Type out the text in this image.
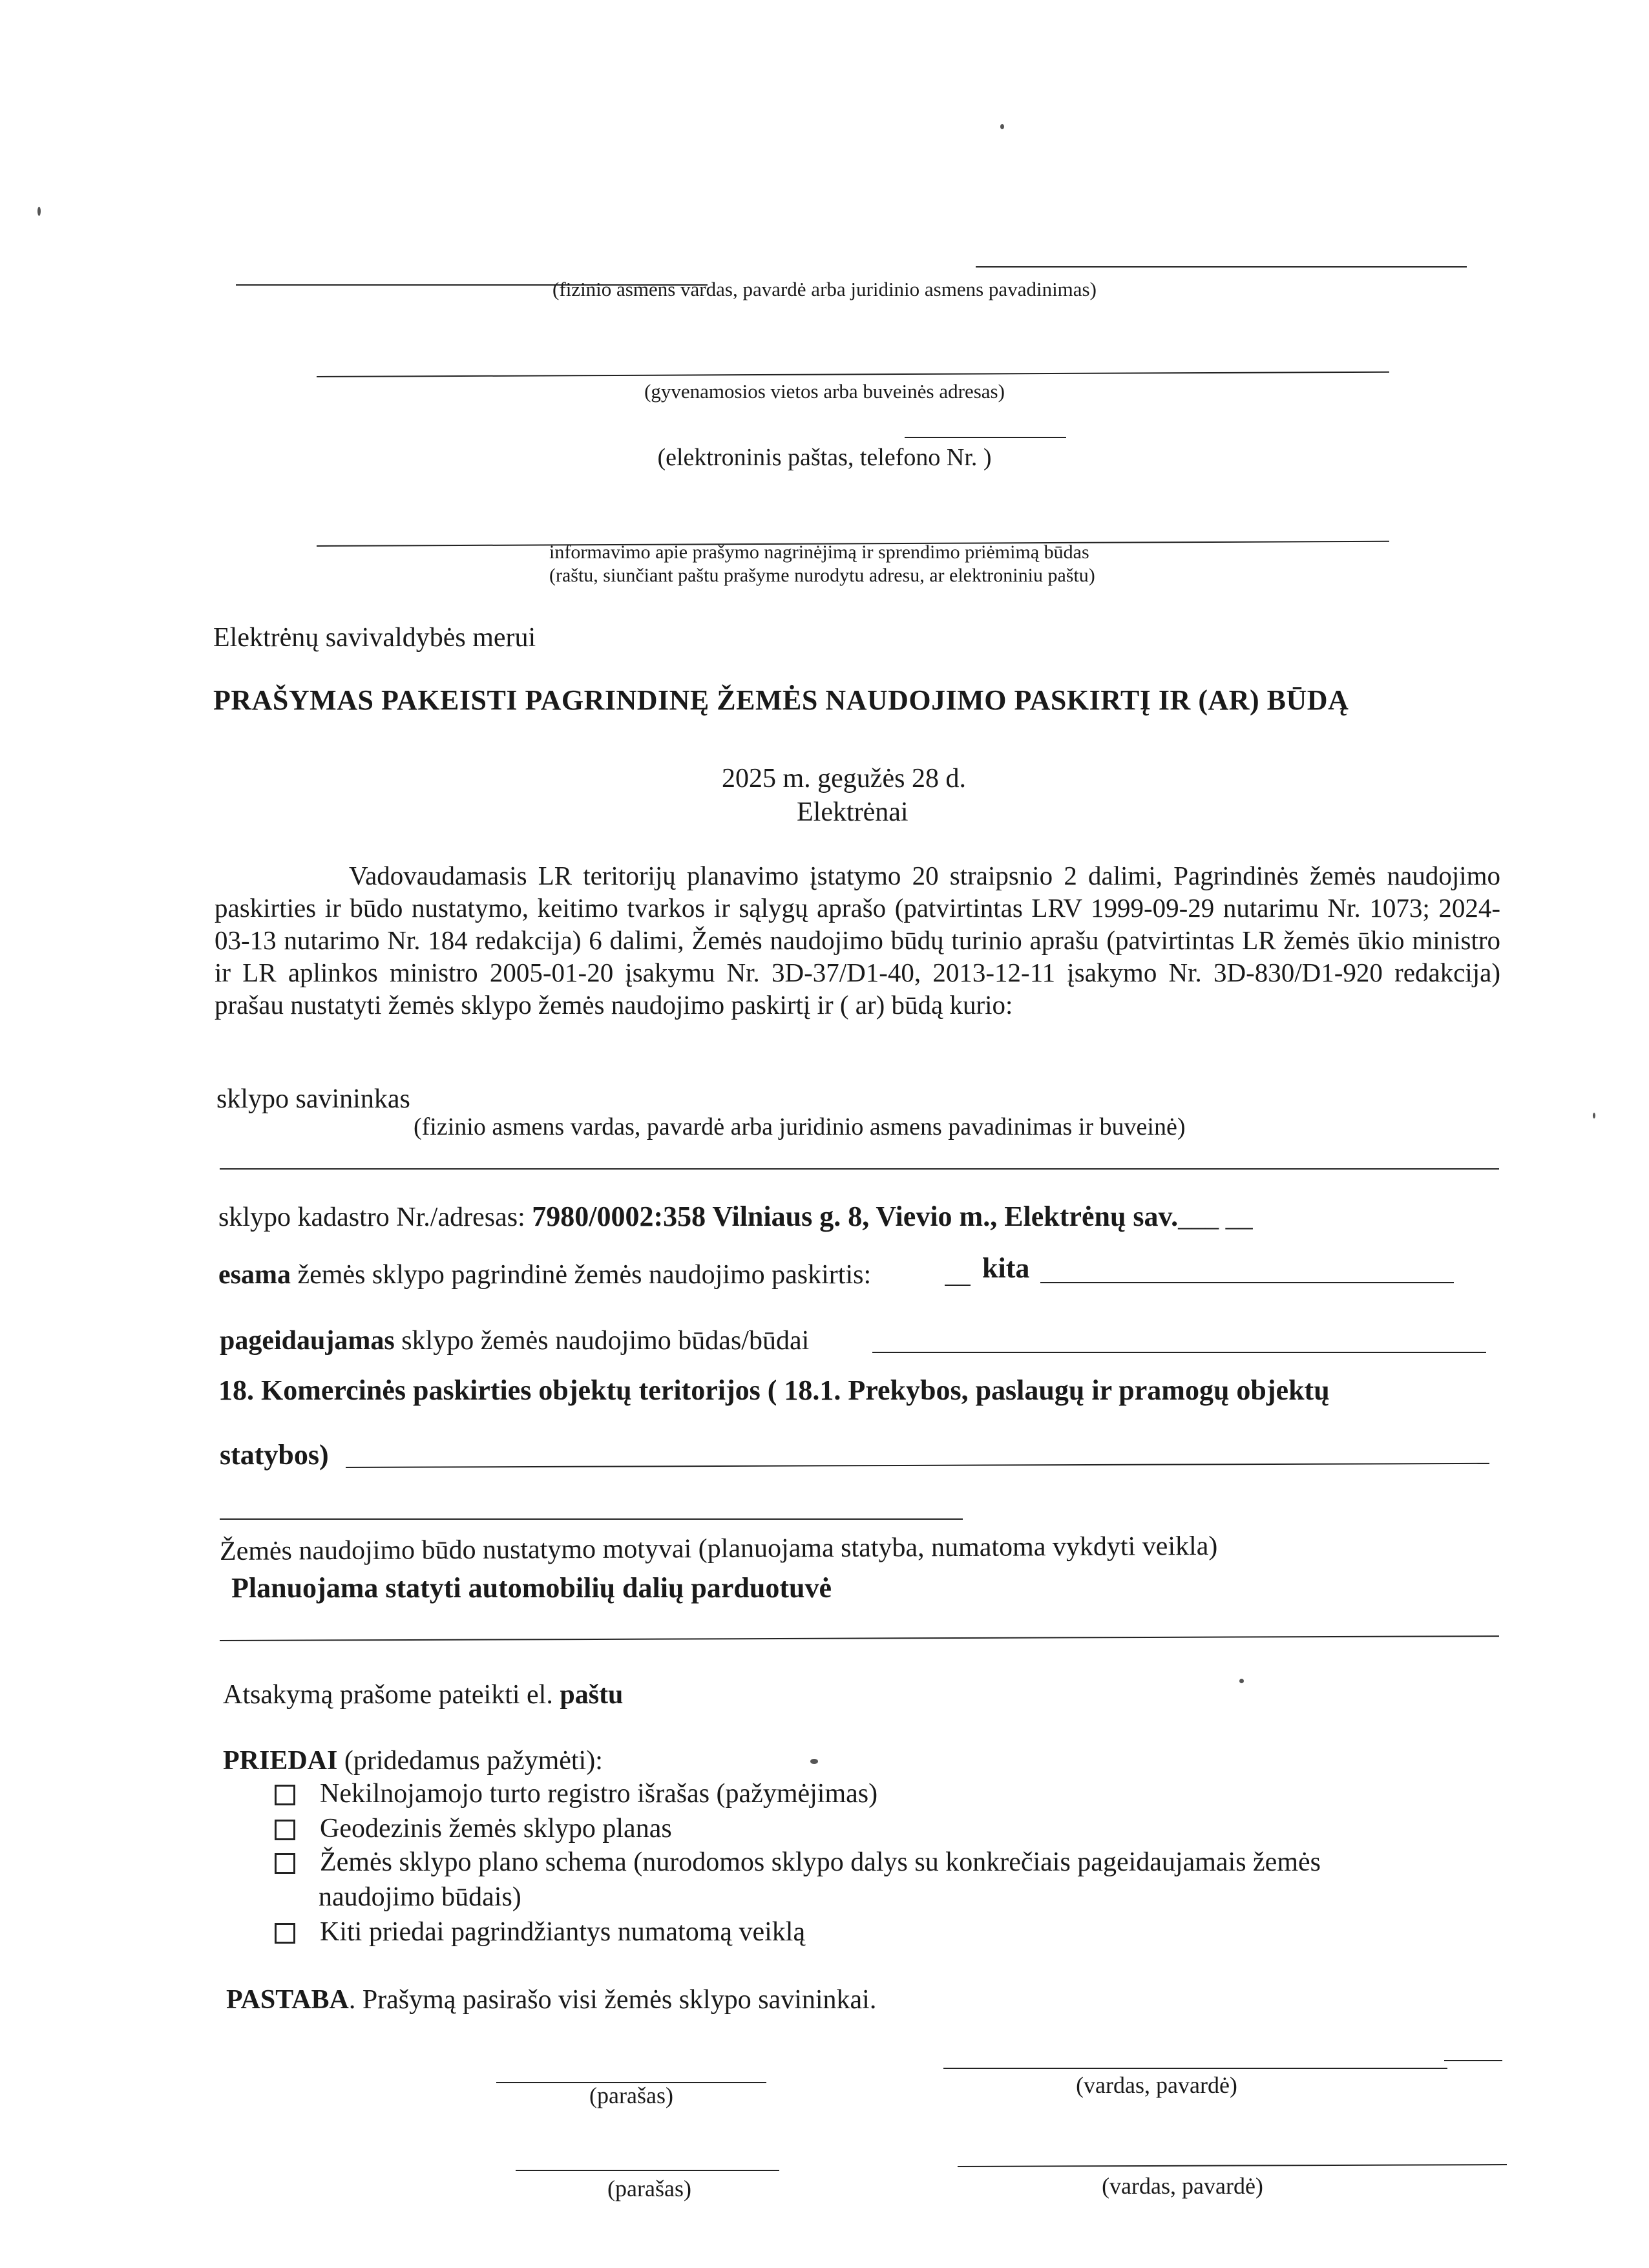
(fizinio asmens vardas, pavardė arba juridinio asmens pavadinimas)
(gyvenamosios vietos arba buveinės adresas)
(elektroninis paštas, telefono Nr. )
informavimo apie prašymo nagrinėjimą ir sprendimo priėmimą būdas
(raštu, siunčiant paštu prašyme nurodytu adresu, ar elektroniniu paštu)
Elektrėnų savivaldybės merui
PRAŠYMAS PAKEISTI PAGRINDINĘ ŽEMĖS NAUDOJIMO PASKIRTĮ IR (AR) BŪDĄ
2025 m. gegužės 28 d.
Elektrėnai
Vadovaudamasis LR teritorijų planavimo įstatymo 20 straipsnio 2 dalimi, Pagrindinės žemės naudojimo paskirties ir būdo nustatymo, keitimo tvarkos ir sąlygų aprašo (patvirtintas LRV 1999-09-29 nutarimu Nr. 1073; 2024-03-13 nutarimo Nr. 184 redakcija) 6 dalimi, Žemės naudojimo būdų turinio aprašu (patvirtintas LR žemės ūkio ministro ir LR aplinkos ministro 2005-01-20 įsakymu Nr. 3D-37/D1-40, 2013-12-11 įsakymo Nr. 3D-830/D1-920 redakcija) prašau nustatyti žemės sklypo žemės naudojimo paskirtį ir ( ar) būdą kurio:
sklypo savininkas
(fizinio asmens vardas, pavardė arba juridinio asmens pavadinimas ir buveinė)
sklypo kadastro Nr./adresas: 7980/0002:358 Vilniaus g. 8, Vievio m., Elektrėnų sav.___ __
esama žemės sklypo pagrindinė žemės naudojimo paskirtis:	kita
pageidaujamas sklypo žemės naudojimo būdas/būdai
18. Komercinės paskirties objektų teritorijos ( 18.1. Prekybos, paslaugų ir pramogų objektų
statybos)
Žemės naudojimo būdo nustatymo motyvai (planuojama statyba, numatoma vykdyti veikla)
Planuojama statyti automobilių dalių parduotuvė
Atsakymą prašome pateikti el. paštu
PRIEDAI (pridedamus pažymėti):
Nekilnojamojo turto registro išrašas (pažymėjimas)
Geodezinis žemės sklypo planas
Žemės sklypo plano schema (nurodomos sklypo dalys su konkrečiais pageidaujamais žemės
naudojimo būdais)
Kiti priedai pagrindžiantys numatomą veiklą
PASTABA. Prašymą pasirašo visi žemės sklypo savininkai.
(parašas)	(vardas, pavardė)
(parašas)	(vardas, pavardė)
